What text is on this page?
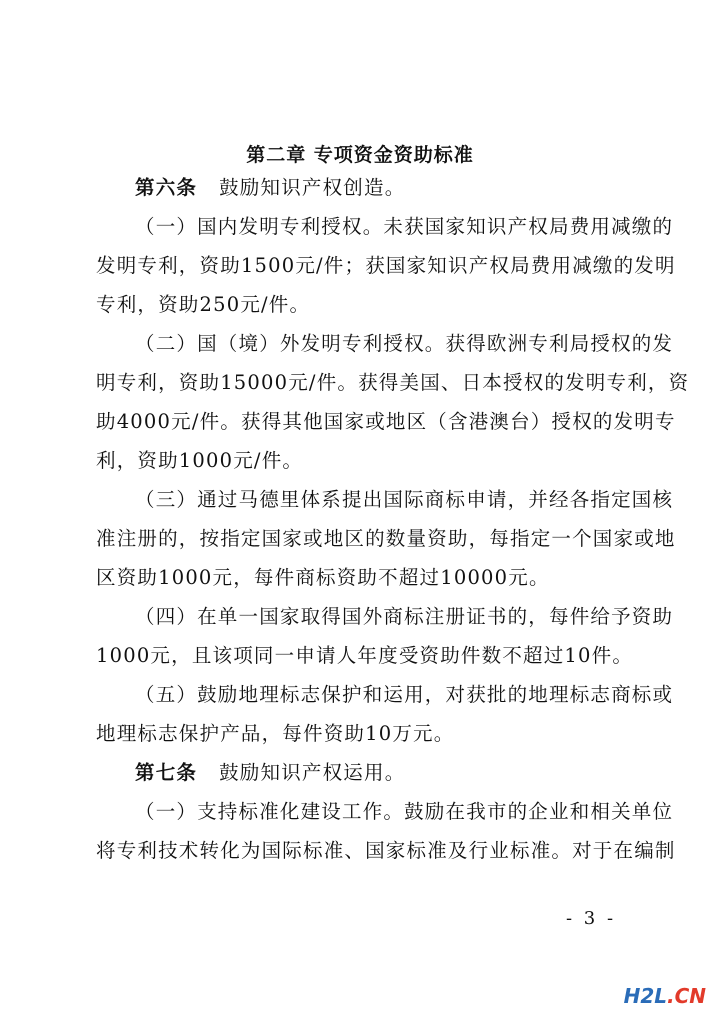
第二章 专项资金资助标准
第六条 鼓励知识产权创造。
（一）国内发明专利授权。未获国家知识产权局费用减缴的
发明专利，资助1500元/件；获国家知识产权局费用减缴的发明
专利，资助250元/件。
（二）国（境）外发明专利授权。获得欧洲专利局授权的发
明专利，资助15000元/件。获得美国、日本授权的发明专利，资
助4000元/件。获得其他国家或地区（含港澳台）授权的发明专
利，资助1000元/件。
（三）通过马德里体系提出国际商标申请，并经各指定国核
准注册的，按指定国家或地区的数量资助，每指定一个国家或地
区资助1000元，每件商标资助不超过10000元。
（四）在单一国家取得国外商标注册证书的，每件给予资助
1000元，且该项同一申请人年度受资助件数不超过10件。
（五）鼓励地理标志保护和运用，对获批的地理标志商标或
地理标志保护产品，每件资助10万元。
第七条 鼓励知识产权运用。
（一）支持标准化建设工作。鼓励在我市的企业和相关单位
将专利技术转化为国际标准、国家标准及行业标准。对于在编制
- 3 -
H2L.CN
